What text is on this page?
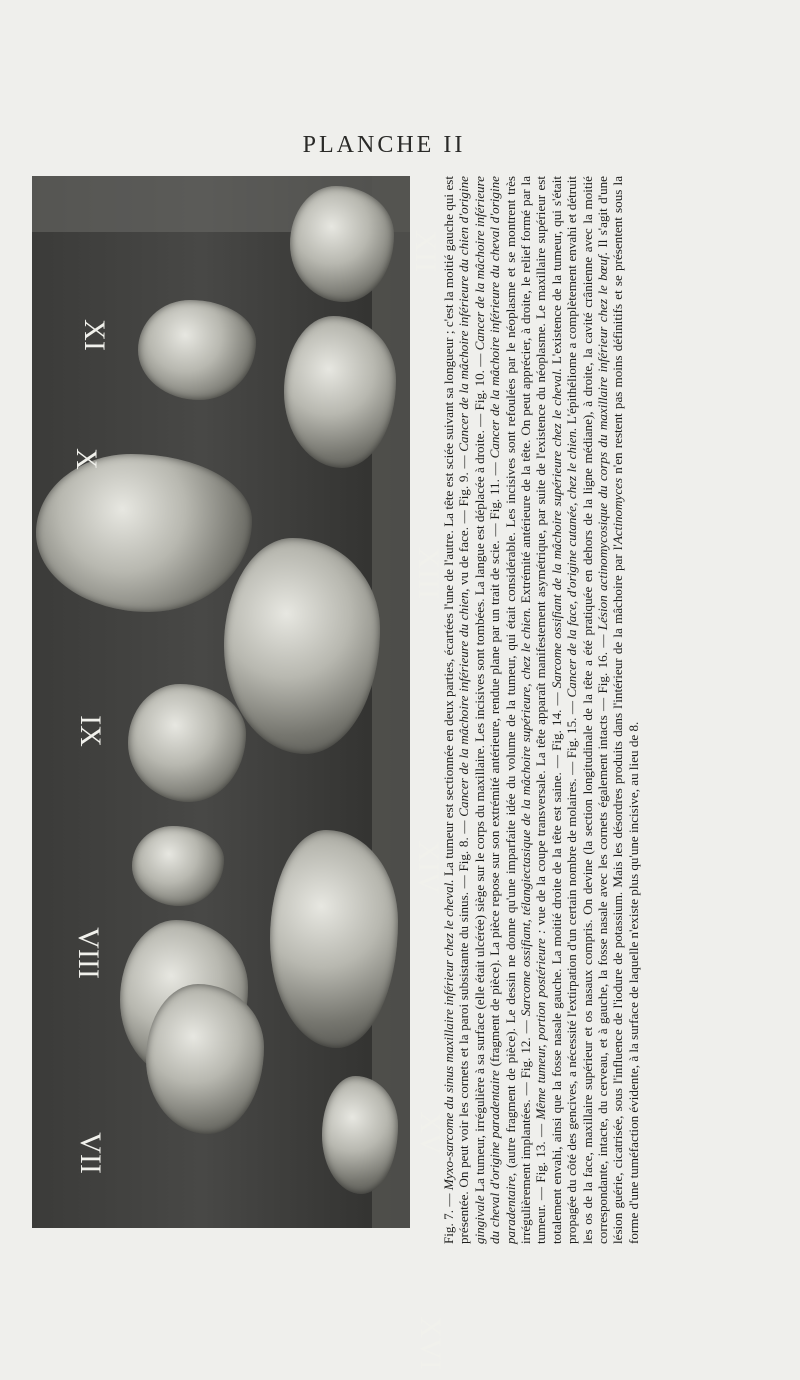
PLANCHE II
VII
VIII
IX
X
XI
XII
XIII
XIV
XV
XVI

Fig. 7. — Myxo-sarcome du sinus maxillaire inférieur chez le cheval. La tumeur est sectionnée en deux parties, écartées l'une de l'autre. La tête est sciée suivant sa longueur ; c'est la moitié gauche qui est présentée. On peut voir les cornets et la paroi subsistante du sinus. — Fig. 8. — Cancer de la mâchoire inférieure du chien, vu de face. — Fig. 9. — Cancer de la mâchoire inférieure du chien d'origine gingivale La tumeur, irrégulière à sa surface (elle était ulcérée) siège sur le corps du maxillaire. Les incisives sont tombées. La langue est déplacée à droite. — Fig. 10. — Cancer de la mâchoire inférieure du cheval d'origine paradentaire (fragment de pièce). La pièce repose sur son extrémité antérieure, rendue plane par un trait de scie. — Fig. 11. — Cancer de la mâchoire inférieure du cheval d'origine paradentaire, (autre fragment de pièce). Le dessin ne donne qu'une imparfaite idée du volume de la tumeur, qui était considérable. Les incisives sont refoulées par le néoplasme et se montrent très irrégulièrement implantées. — Fig. 12. — Sarcome ossifiant, télangiectasique de la mâchoire supérieure, chez le chien. Extrémité antérieure de la tête. On peut apprécier, à droite, le relief formé par la tumeur. — Fig. 13. — Même tumeur, portion postérieure : vue de la coupe transversale. La tête apparaît manifestement asymétrique, par suite de l'existence du néoplasme. Le maxillaire supérieur est totalement envahi, ainsi que la fosse nasale gauche. La moitié droite de la tête est saine. — Fig. 14. — Sarcome ossifiant de la mâchoire supérieure chez le cheval. L'existence de la tumeur, qui s'était propagée du côté des gencives, a nécessité l'extirpation d'un certain nombre de molaires. — Fig. 15. — Cancer de la face, d'origine cutanée, chez le chien. L'épithéliome a complètement envahi et détruit les os de la face, maxillaire supérieur et os nasaux compris. On devine (la section longitudinale de la tête a été pratiquée en dehors de la ligne médiane), à droite, la cavité crânienne avec la moitié correspondante, intacte, du cerveau, et à gauche, la fosse nasale avec les cornets également intacts — Fig. 16. — Lésion actinomycosique du corps du maxillaire inférieur chez le bœuf. Il s'agit d'une lésion guérie, cicatrisée, sous l'influence de l'iodure de potassium. Mais les désordres produits dans l'intérieur de la mâchoire par l'Actinomyces n'en restent pas moins définitifs et se présentent sous la forme d'une tuméfaction évidente, à la surface de laquelle n'existe plus qu'une incisive, au lieu de 8.
